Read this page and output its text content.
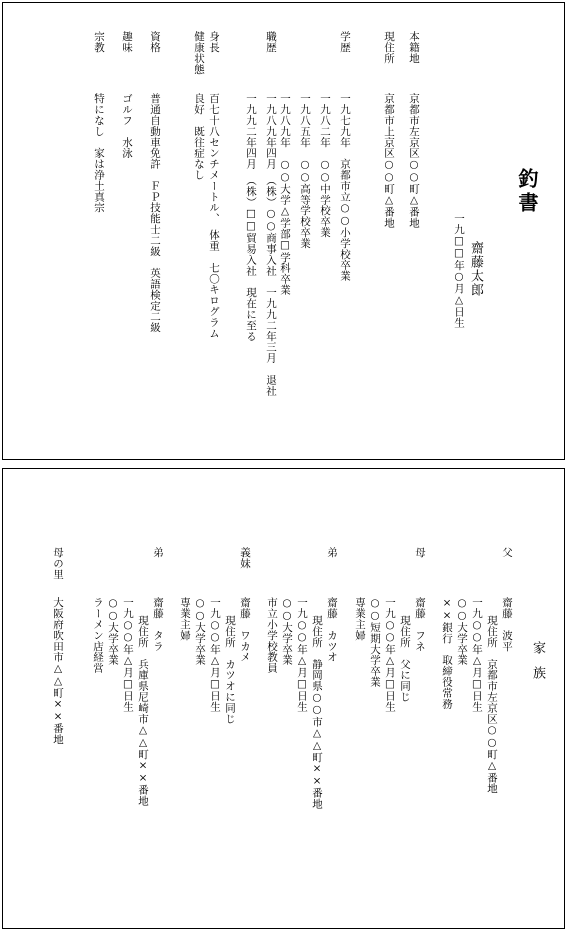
釣書
齋藤太郎
一九□□年○月△日生
本籍地
京都市左京区○○町△番地
現住所
京都市上京区○○町△番地
学歴
一九七九年　京都市立○○小学校卒業
一九八二年　○○中学校卒業
一九八五年　○○高等学校卒業
一九八九年　○○大学△学部□学科卒業
職歴
一九八九年四月　（株）○○商事入社　一九九二年三月　退社
一九九二年四月　（株）□□貿易入社　現在に至る
身長
百七十八センチメートル、　体重　七〇キログラム
健康状態
良好　既往症なし
資格
普通自動車免許　ＦＰ技能士二級　英語検定二級
趣味
ゴルフ　水泳
宗教
特になし　家は浄土真宗
家族
父
齋藤　波平
現住所　京都市左京区○○町△番地
一九○○年△月□日生
○○大学卒業
××銀行　取締役常務
母
齋藤　フネ
現住所　父に同じ
一九○○年△月□日生
○○短期大学卒業
専業主婦
弟
齋藤　カツオ
現住所　静岡県○○市△△町××番地
一九○○年△月□日生
○○大学卒業
市立小学校教員
義妹
齋藤　ワカメ
現住所　カツオに同じ
一九○○年△月□日生
○○大学卒業
専業主婦
弟
齋藤　タラ
現住所　兵庫県尼崎市△△町××番地
一九○○年△月□日生
○○大学卒業
ラーメン店経営
母の里
大阪府吹田市△△町××番地
